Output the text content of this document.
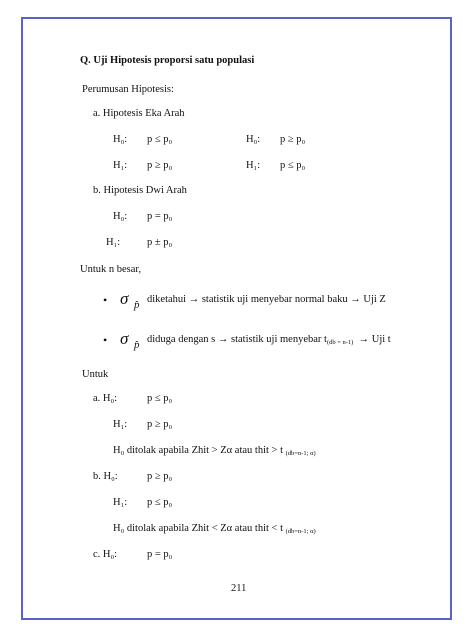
Q. Uji Hipotesis proporsi satu populasi
Perumusan Hipotesis:
a. Hipotesis Eka Arah
H₀: p ≤ p₀	H₀: p ≥ p₀
H₁: p ≥ p₀	H₁: p ≤ p₀
b. Hipotesis Dwi Arah
H₀: p = p₀
H₁:	p ± p₀
Untuk n besar,
• σ p̂ diketahui → statistik uji menyebar normal baku → Uji Z
• σ p̂ diduga dengan s → statistik uji menyebar $t_{(db = n-1)}$ → Uji t
Untuk
a. H₀:	p ≤ p₀
H₁: p ≥ p₀
H₀ ditolak apabila Zhit > Zα atau thit > t $_{(db=n-1; \alpha)}$
b. H₀:	p ≥ p₀
H₁: p ≤ p₀
H₀ ditolak apabila Zhit < Zα atau thit < t $_{(db=n-1; \alpha)}$
c. H₀:	p = p₀
211
